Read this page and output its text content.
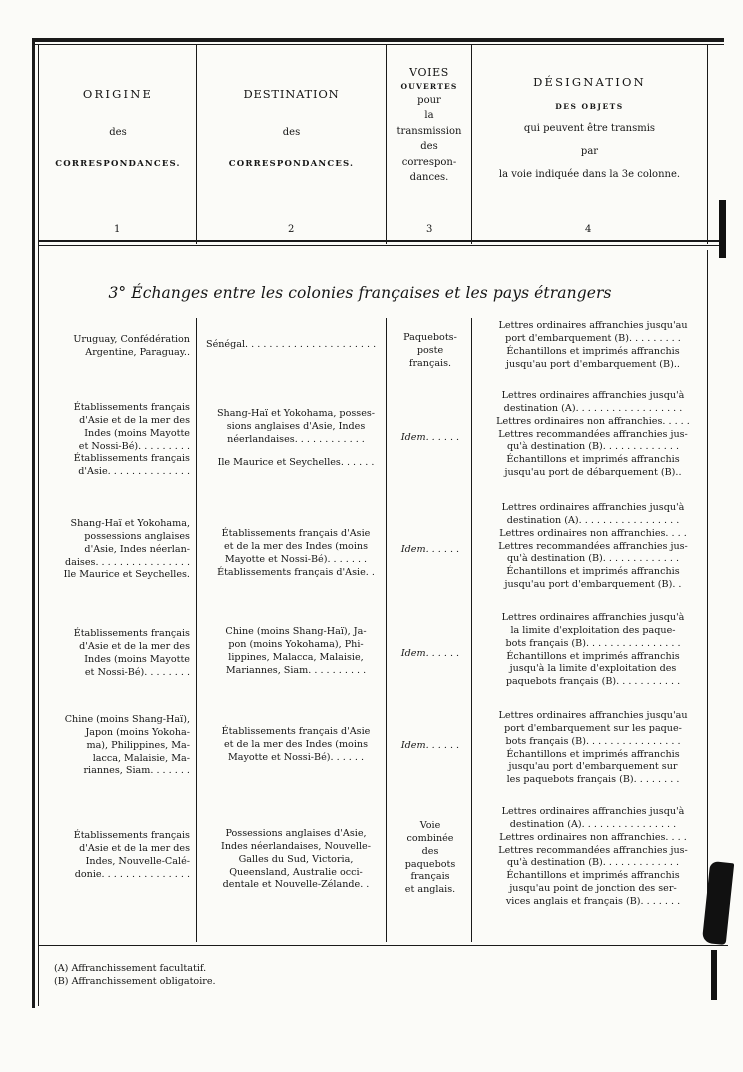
ORIGINE
des
CORRESPONDANCES.
1
DESTINATION
des
CORRESPONDANCES.
2
VOIES
OUVERTES
pour
la
transmission
des
correspon-
dances.
3
DÉSIGNATION
DES OBJETS
qui peuvent être transmis
par
la voie indiquée dans la 3e colonne.
4
3° Échanges entre les colonies françaises et les pays étrangers
Uruguay, Confédération
Argentine, Paraguay..
Sénégal. . . . . . . . . . . . . . . . . . . . . .
Paquebots-
poste
français.
Lettres ordinaires affranchies jusqu'au
port d'embarquement (B). . . . . . . . .
Échantillons et imprimés affranchis
jusqu'au port d'embarquement (B)..
Établissements français
d'Asie et de la mer des
Indes (moins Mayotte
et Nossi-Bé). . . . . . . . .
Établissements français
d'Asie. . . . . . . . . . . . . .
Shang-Haï et Yokohama, posses-
sions anglaises d'Asie, Indes
néerlandaises. . . . . . . . . . . .
Ile Maurice et Seychelles. . . . . .
Idem. . . . . .
Lettres ordinaires affranchies jusqu'à
destination (A). . . . . . . . . . . . . . . . . .
Lettres ordinaires non affranchies. . . . .
Lettres recommandées affranchies jus-
qu'à destination (B). . . . . . . . . . . . .
Échantillons et imprimés affranchis
jusqu'au port de débarquement (B)..
Shang-Haï et Yokohama,
possessions anglaises
d'Asie, Indes néerlan-
daises. . . . . . . . . . . . . . . .
Ile Maurice et Seychelles.
Établissements français d'Asie
et de la mer des Indes (moins
Mayotte et Nossi-Bé). . . . . . .
Établissements français d'Asie. .
Idem. . . . . .
Lettres ordinaires affranchies jusqu'à
destination (A). . . . . . . . . . . . . . . . .
Lettres ordinaires non affranchies. . . .
Lettres recommandées affranchies jus-
qu'à destination (B). . . . . . . . . . . . .
Échantillons et imprimés affranchis
jusqu'au port d'embarquement (B). .
Établissements français
d'Asie et de la mer des
Indes (moins Mayotte
et Nossi-Bé). . . . . . . .
Chine (moins Shang-Haï), Ja-
pon (moins Yokohama), Phi-
lippines, Malacca, Malaisie,
Mariannes, Siam. . . . . . . . . .
Idem. . . . . .
Lettres ordinaires affranchies jusqu'à
la limite d'exploitation des paque-
bots français (B). . . . . . . . . . . . . . . .
Échantillons et imprimés affranchis
jusqu'à la limite d'exploitation des
paquebots français (B). . . . . . . . . . .
Chine (moins Shang-Haï),
Japon (moins Yokoha-
ma), Philippines, Ma-
lacca, Malaisie, Ma-
riannes, Siam. . . . . . .
Établissements français d'Asie
et de la mer des Indes (moins
Mayotte et Nossi-Bé). . . . . .
Idem. . . . . .
Lettres ordinaires affranchies jusqu'au
port d'embarquement sur les paque-
bots français (B). . . . . . . . . . . . . . . .
Échantillons et imprimés affranchis
jusqu'au port d'embarquement sur
les paquebots français (B). . . . . . . .
Établissements français
d'Asie et de la mer des
Indes, Nouvelle-Calé-
donie. . . . . . . . . . . . . . .
Possessions anglaises d'Asie,
Indes néerlandaises, Nouvelle-
Galles du Sud, Victoria,
Queensland, Australie occi-
dentale et Nouvelle-Zélande. .
Voie
combinée
des
paquebots
français
et anglais.
Lettres ordinaires affranchies jusqu'à
destination (A). . . . . . . . . . . . . . . .
Lettres ordinaires non affranchies. . . .
Lettres recommandées affranchies jus-
qu'à destination (B). . . . . . . . . . . . .
Échantillons et imprimés affranchis
jusqu'au point de jonction des ser-
vices anglais et français (B). . . . . . .
(A) Affranchissement facultatif.
(B) Affranchissement obligatoire.
